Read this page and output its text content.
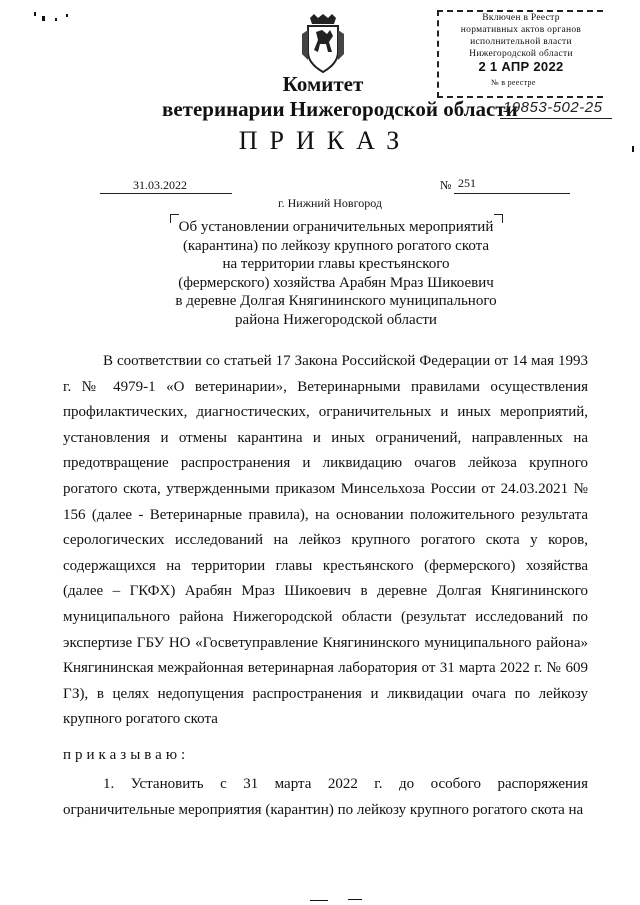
Включен в Реестр
нормативных актов органов
исполнительной власти
Нижегородской области
2 1 АПР 2022
№ в реестре
Комитет
ветеринарии Нижегородской области
19853-502-25
ПРИКАЗ
31.03.2022	№ 251
г. Нижний Новгород
Об установлении ограничительных мероприятий (карантина) по лейкозу крупного рогатого скота на территории главы крестьянского (фермерского) хозяйства Арабян Мраз Шикоевич в деревне Долгая Княгининского муниципального района Нижегородской области
В соответствии со статьей 17 Закона Российской Федерации от 14 мая 1993 г. № 4979-1 «О ветеринарии», Ветеринарными правилами осуществления профилактических, диагностических, ограничительных и иных мероприятий, установления и отмены карантина и иных ограничений, направленных на предотвращение распространения и ликвидацию очагов лейкоза крупного рогатого скота, утвержденными приказом Минсельхоза России от 24.03.2021 № 156 (далее - Ветеринарные правила), на основании положительного результата серологических исследований на лейкоз крупного рогатого скота у коров, содержащихся на территории главы крестьянского (фермерского) хозяйства (далее – ГКФХ) Арабян Мраз Шикоевич в деревне Долгая Княгининского муниципального района Нижегородской области (результат исследований по экспертизе ГБУ НО «Госветуправление Княгининского муниципального района» Княгининская межрайонная ветеринарная лаборатория от 31 марта 2022 г. № 609 ГЗ), в целях недопущения распространения и ликвидации очага по лейкозу крупного рогатого скота
приказываю:
1. Установить с 31 марта 2022 г. до особого распоряжения ограничительные мероприятия (карантин) по лейкозу крупного рогатого скота на
